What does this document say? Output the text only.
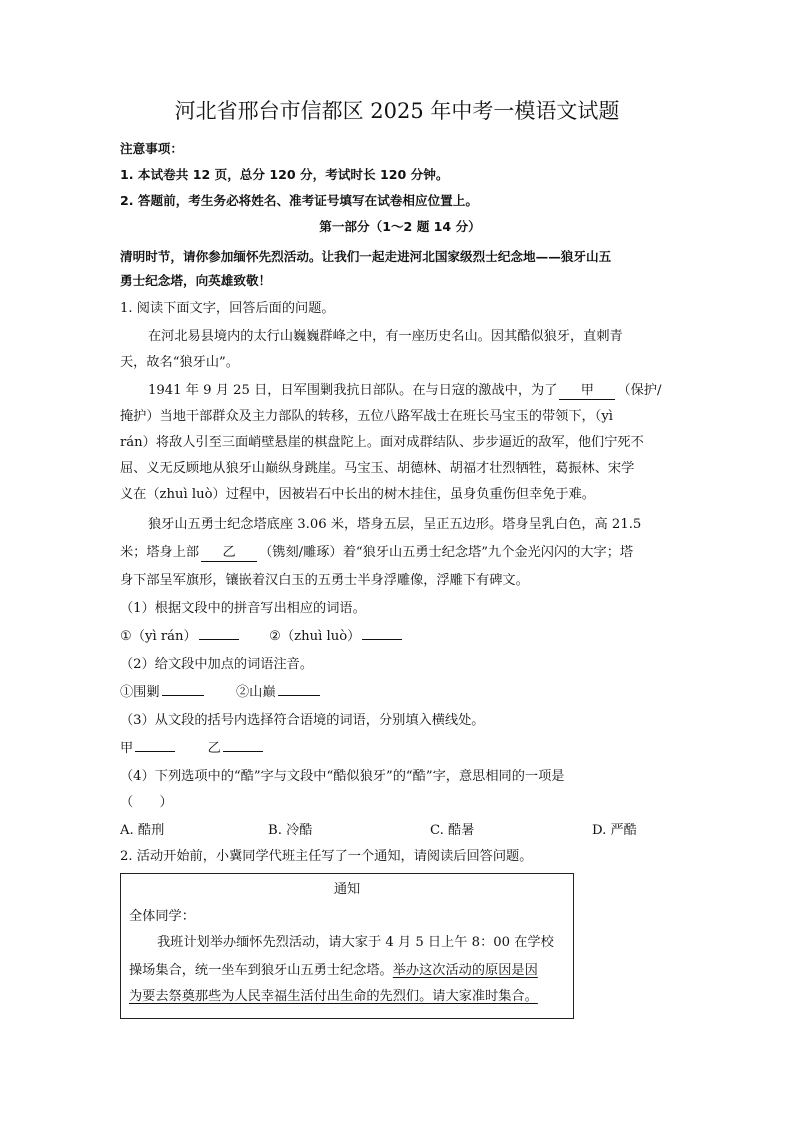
河北省邢台市信都区 2025 年中考一模语文试题
注意事项：
1. 本试卷共 12 页，总分 120 分，考试时长 120 分钟。
2. 答题前，考生务必将姓名、准考证号填写在试卷相应位置上。
第一部分（1～2 题 14 分）
清明时节，请你参加缅怀先烈活动。让我们一起走进河北国家级烈士纪念地——狼牙山五
勇士纪念塔，向英雄致敬！
1. 阅读下面文字，回答后面的问题。
在河北易县境内的太行山巍巍群峰之中，有一座历史名山。因其酷似狼牙，直刺青
天，故名“狼牙山”。
1941 年 9 月 25 日，日军围剿我抗日部队。在与日寇的激战中，为了 甲 （保护/
掩护）当地干部群众及主力部队的转移，五位八路军战士在班长马宝玉的带领下，（yì
rán）将敌人引至三面峭壁悬崖的棋盘陀上。面对成群结队、步步逼近的敌军，他们宁死不
屈、义无反顾地从狼牙山巅纵身跳崖。马宝玉、胡德林、胡福才壮烈牺牲，葛振林、宋学
义在（zhuì luò）过程中，因被岩石中长出的树木挂住，虽身负重伤但幸免于难。
狼牙山五勇士纪念塔底座 3.06 米，塔身五层，呈正五边形。塔身呈乳白色，高 21.5
米；塔身上部 乙 （镌刻/雕琢）着“狼牙山五勇士纪念塔”九个金光闪闪的大字；塔
身下部呈军旗形，镶嵌着汉白玉的五勇士半身浮雕像，浮雕下有碑文。
（1）根据文段中的拼音写出相应的词语。
①（yì rán）	②（zhuì luò）
（2）给文段中加点的词语注音。
①围剿	②山巅
（3）从文段的括号内选择符合语境的词语，分别填入横线处。
甲	乙
（4）下列选项中的“酷”字与文段中“酷似狼牙”的“酷”字，意思相同的一项是
（　　）
A. 酷刑	B. 冷酷	C. 酷暑	D. 严酷
2. 活动开始前，小冀同学代班主任写了一个通知，请阅读后回答问题。
通知
全体同学：
我班计划举办缅怀先烈活动，请大家于 4 月 5 日上午 8：00 在学校
操场集合，统一坐车到狼牙山五勇士纪念塔。举办这次活动的原因是因
为要去祭奠那些为人民幸福生活付出生命的先烈们。请大家准时集合。
